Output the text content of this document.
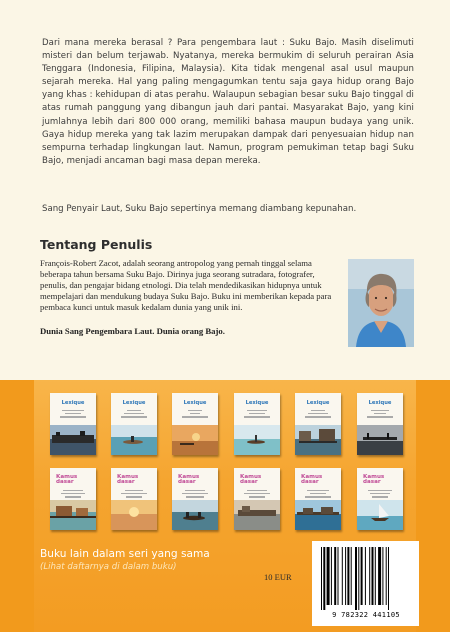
Dari mana mereka berasal ? Para pengembara laut : Suku Bajo. Masih diselimuti misteri dan belum terjawab. Nyatanya, mereka bermukim di seluruh perairan Asia Tenggara (Indonesia, Filipina, Malaysia). Kita tidak mengenal asal usul maupun sejarah mereka. Hal yang paling mengagumkan tentu saja gaya hidup orang Bajo yang khas : kehidupan di atas perahu. Walaupun sebagian besar suku Bajo tinggal di atas rumah panggung yang dibangun jauh dari pantai. Masyarakat Bajo, yang kini jumlahnya lebih dari 800 000 orang, memiliki bahasa maupun budaya yang unik. Gaya hidup mereka yang tak lazim merupakan dampak dari penyesuaian hidup nan sempurna terhadap lingkungan laut. Namun, program pemukiman tetap bagi Suku Bajo, menjadi ancaman bagi masa depan mereka.

Sang Penyair Laut, Suku Bajo sepertinya memang diambang kepunahan.

Tentang Penulis

François-Robert Zacot, adalah seorang antropolog yang pernah tinggal selama beberapa tahun bersama Suku Bajo. Dirinya juga seorang sutradara, fotografer, penulis, dan pengajar bidang etnologi. Dia telah mendedikasikan hidupnya untuk mempelajari dan mendukung budaya Suku Bajo. Buku ini memberikan kepada para pembaca kunci untuk masuk kedalam dunia yang unik ini.

Dunia Sang Pengembara Laut. Dunia orang Bajo.

Lexique	Lexique	Lexique	Lexique	Lexique	Lexique
Kamus dasar
Kamus dasar
Kamus dasar
Kamus dasar
Kamus dasar
Kamus dasar
Buku lain dalam seri yang sama
(Lihat daftarnya di dalam buku)
10 EUR
9 782322 441105
